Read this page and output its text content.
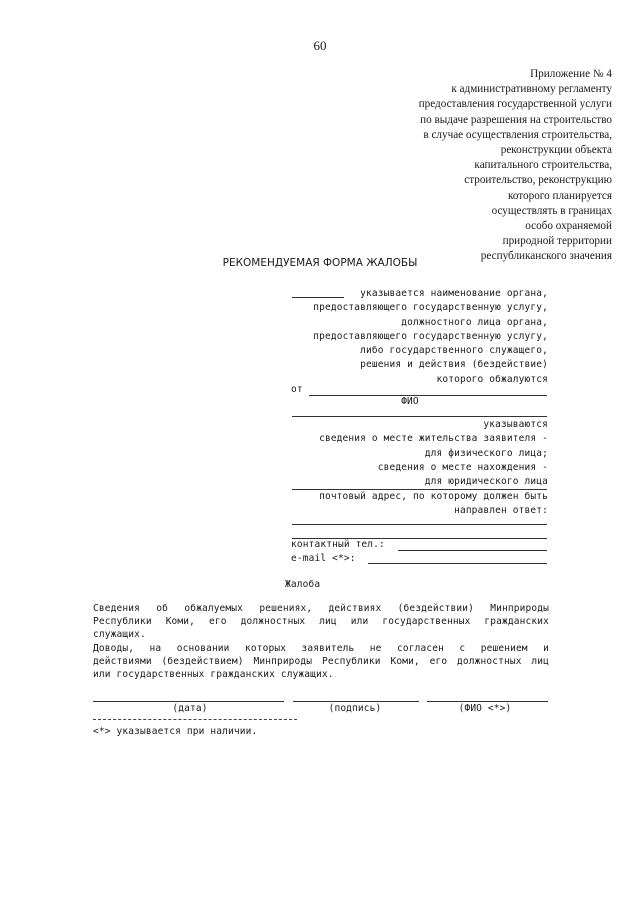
60
Приложение № 4
к административному регламенту
предоставления государственной услуги
по выдаче разрешения на строительство
в случае осуществления строительства,
реконструкции объекта
капитального строительства,
строительство, реконструкцию
которого планируется
осуществлять в границах
особо охраняемой
природной территории
республиканского значения
РЕКОМЕНДУЕМАЯ ФОРМА ЖАЛОБЫ
указывается наименование органа,
предоставляющего государственную услугу,
должностного лица органа,
предоставляющего государственную услугу,
либо государственного служащего,
решения и действия (бездействие)
которого обжалуются
от
ФИО
указываются
сведения о месте жительства заявителя -
для физического лица;
сведения о месте нахождения -
для юридического лица
почтовый адрес, по которому должен быть
направлен ответ:
контактный тел.:
e-mail <*>:
Жалоба
Сведения об обжалуемых решениях, действиях (бездействии) Минприроды
Республики Коми, его должностных лиц или государственных гражданских
служащих.
Доводы, на основании которых заявитель не согласен с решением и
действиями (бездействием) Минприроды Республики Коми, его должностных лиц
или государственных гражданских служащих.
(дата)	(подпись)	(ФИО <*>)
<*> указывается при наличии.
